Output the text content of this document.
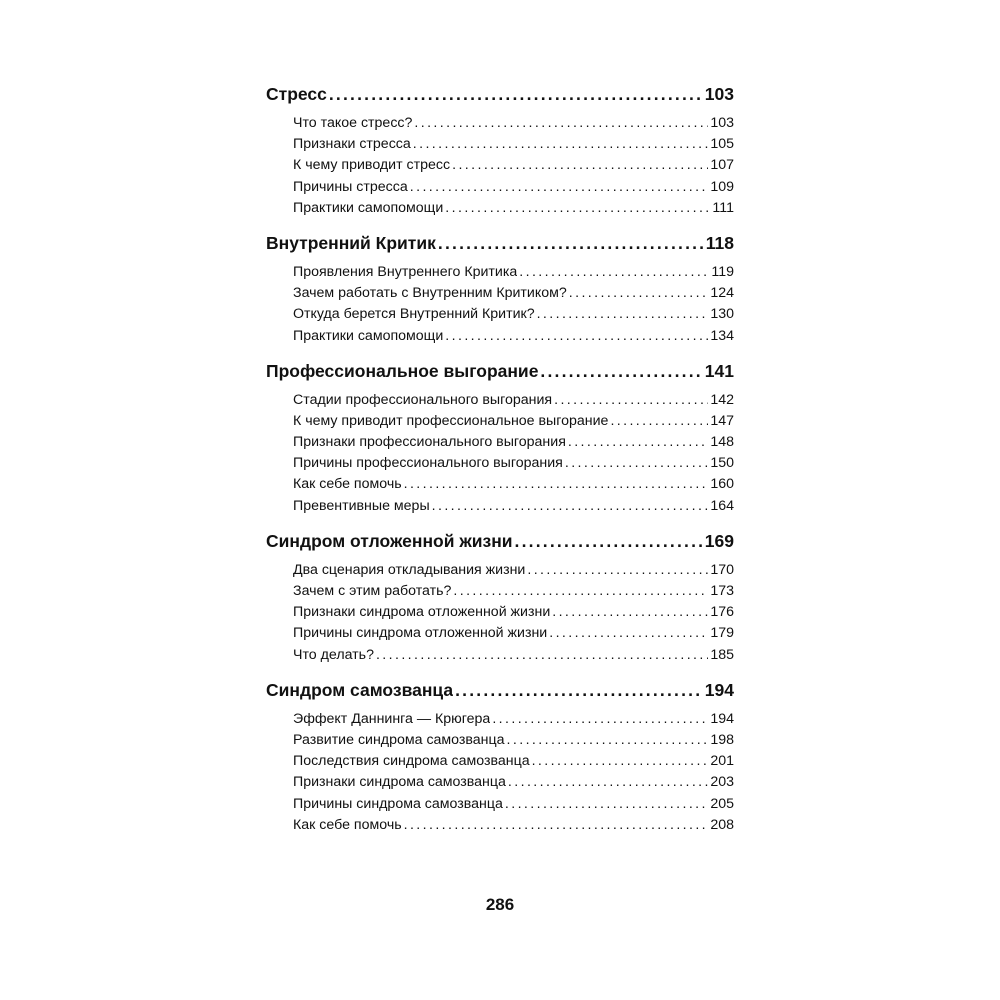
Стресс .....	103
Что такое стресс? .....	103
Признаки стресса .....	105
К чему приводит стресс .....	107
Причины стресса .....	109
Практики самопомощи .....	111
Внутренний Критик .....	118
Проявления Внутреннего Критика .....	119
Зачем работать с Внутренним Критиком? .....	124
Откуда берется Внутренний Критик? .....	130
Практики самопомощи .....	134
Профессиональное выгорание .....	141
Стадии профессионального выгорания .....	142
К чему приводит профессиональное выгорание .....	147
Признаки профессионального выгорания .....	148
Причины профессионального выгорания .....	150
Как себе помочь .....	160
Превентивные меры .....	164
Синдром отложенной жизни .....	169
Два сценария откладывания жизни .....	170
Зачем с этим работать? .....	173
Признаки синдрома отложенной жизни .....	176
Причины синдрома отложенной жизни .....	179
Что делать? .....	185
Синдром самозванца .....	194
Эффект Даннинга — Крюгера .....	194
Развитие синдрома самозванца .....	198
Последствия синдрома самозванца .....	201
Признаки синдрома самозванца .....	203
Причины синдрома самозванца .....	205
Как себе помочь .....	208
286
